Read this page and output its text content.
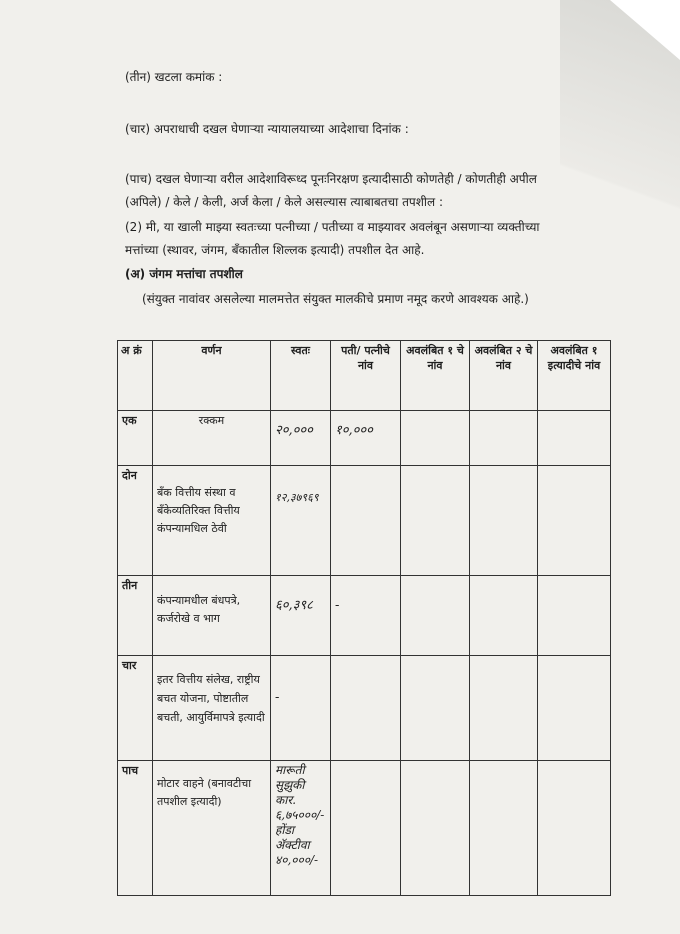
(तीन) खटला कमांक :
(चार) अपराधाची दखल घेणाऱ्या न्यायालयाच्या आदेशाचा दिनांक :
(पाच) दखल घेणाऱ्या वरील आदेशाविरूध्द पूनःनिरक्षण इत्यादीसाठी कोणतेही / कोणतीही अपील
(अपिले) / केले / केली, अर्ज केला / केले असल्यास त्याबाबतचा तपशील :
(2) मी, या खाली माझ्या स्वतःच्या पत्नीच्या / पतीच्या व माझ्यावर अवलंबून असणाऱ्या व्यक्तीच्या
मत्तांच्या (स्थावर, जंगम, बँकातील शिल्लक इत्यादी) तपशील देत आहे.
(अ) जंगम मत्तांचा तपशील
(संयुक्त नावांवर असलेल्या मालमत्तेत संयुक्त मालकीचे प्रमाण नमूद करणे आवश्यक आहे.)
अ क्रं	वर्णन	स्वतः	पती/ पत्नीचे नांव	अवलंबित १ चे नांव	अवलंबित २ चे नांव	अवलंबित १ इत्यादीचे नांव
एक	रक्कम	२०,०००	१०,०००			
दोन	बँक वित्तीय संस्था व बँकेव्यतिरिक्त वित्तीय कंपन्यामधिल ठेवी	१२,३७९६९				
तीन	कंपन्यामधील बंधपत्रे, कर्जरोखे व भाग	६०,३९८	-			
चार	इतर वित्तीय संलेख, राष्ट्रीय बचत योजना, पोष्टातील बचती, आयुर्विमापत्रे इत्यादी	-				
पाच	मोटार वाहने (बनावटीचा तपशील इत्यादी)	मारूती सुझुकी कार. ६,७५०००/- होंडा ॲक्टीवा ४०,०००/-				
